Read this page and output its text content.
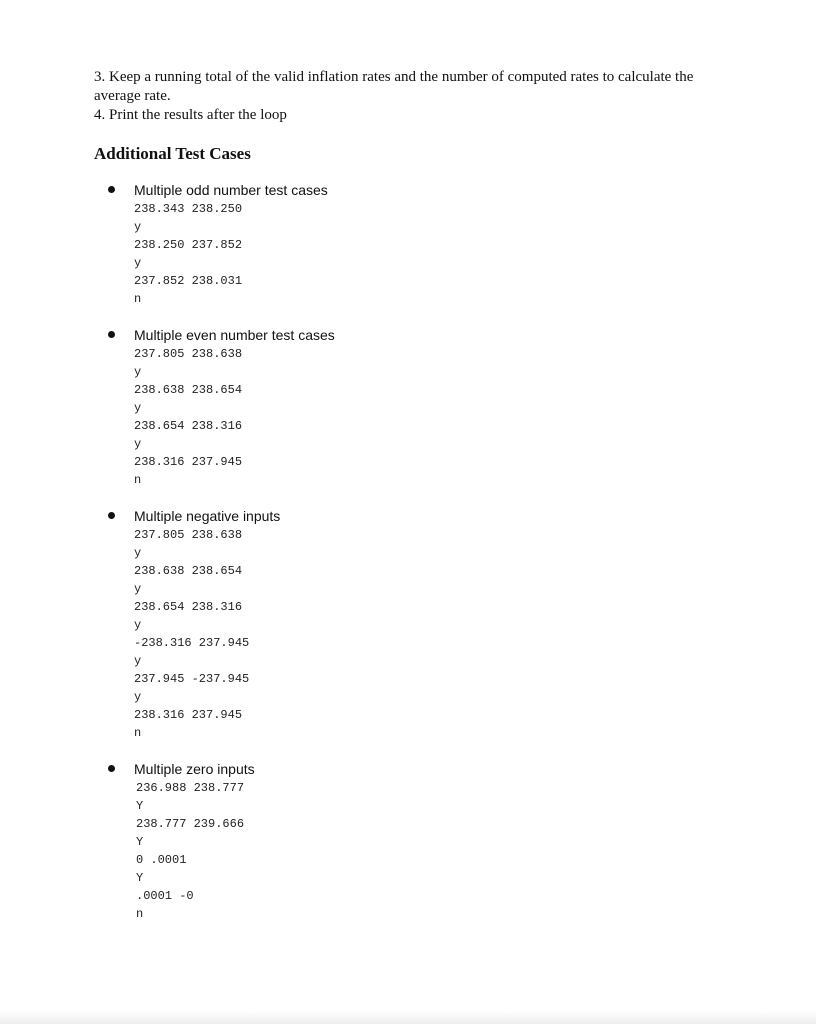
3. Keep a running total of the valid inflation rates and the number of computed rates to calculate the average rate.

4. Print the results after the loop

Additional Test Cases
Multiple odd number test cases
238.343 238.250
y
238.250 237.852
y
237.852 238.031
n
Multiple even number test cases
237.805 238.638
y
238.638 238.654
y
238.654 238.316
y
238.316 237.945
n
Multiple negative inputs
237.805 238.638
y
238.638 238.654
y
238.654 238.316
y
-238.316 237.945
y
237.945 -237.945
y
238.316 237.945
n
Multiple zero inputs
236.988 238.777
Y
238.777 239.666
Y
0 .0001
Y
.0001 -0
n
